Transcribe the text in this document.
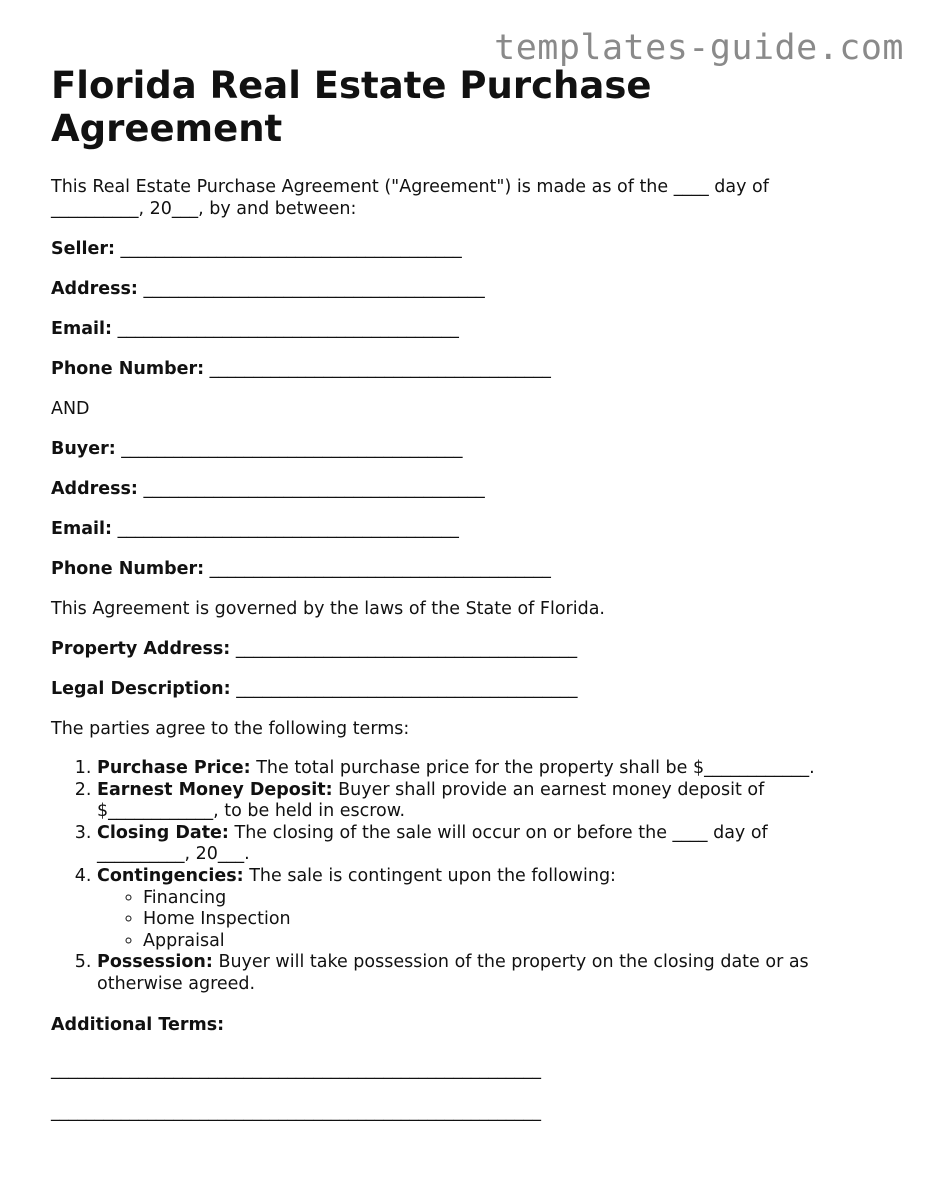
templates-guide.com
Florida Real Estate Purchase Agreement

This Real Estate Purchase Agreement ("Agreement") is made as of the ____ day of __________, 20___, by and between:

Seller: _______________________________________

Address: _______________________________________

Email: _______________________________________

Phone Number: _______________________________________

AND

Buyer: _______________________________________

Address: _______________________________________

Email: _______________________________________

Phone Number: _______________________________________

This Agreement is governed by the laws of the State of Florida.

Property Address: _______________________________________

Legal Description: _______________________________________

The parties agree to the following terms:

1. Purchase Price: The total purchase price for the property shall be $____________.
2. Earnest Money Deposit: Buyer shall provide an earnest money deposit of $____________, to be held in escrow.
3. Closing Date: The closing of the sale will occur on or before the ____ day of __________, 20___.
4. Contingencies: The sale is contingent upon the following:
◦ Financing
◦ Home Inspection
◦ Appraisal
5. Possession: Buyer will take possession of the property on the closing date or as otherwise agreed.

Additional Terms:

________________________________________________________

________________________________________________________
